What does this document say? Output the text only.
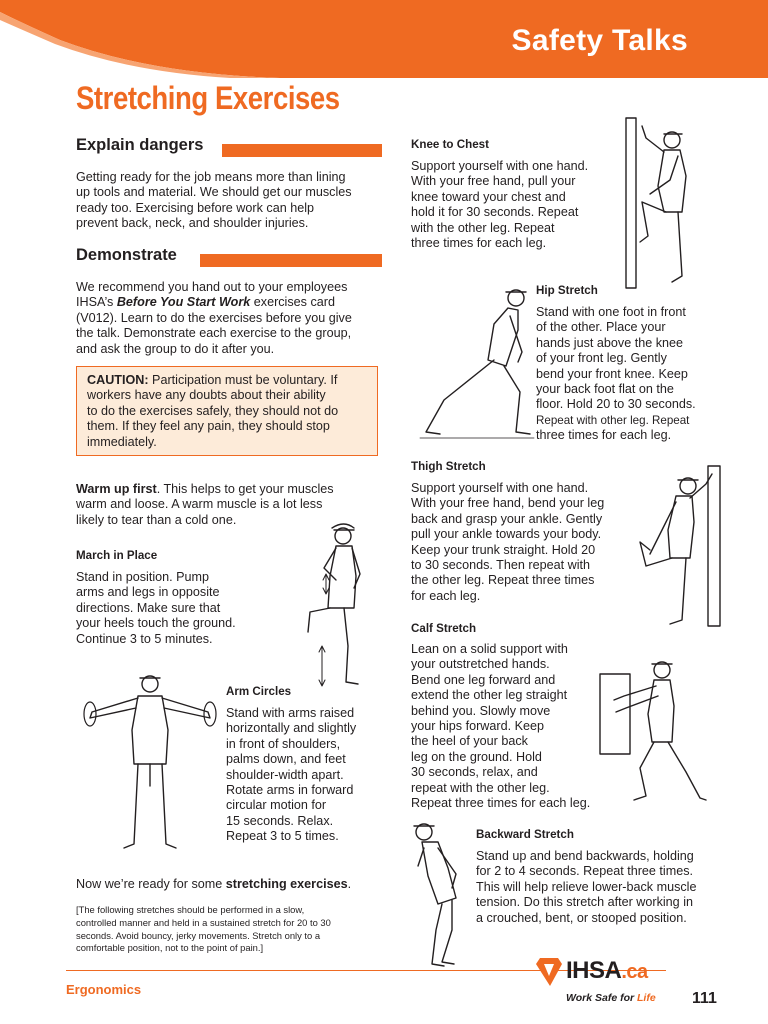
Safety Talks
Stretching Exercises
Explain dangers
Getting ready for the job means more than lining
up tools and material. We should get our muscles
ready too. Exercising before work can help
prevent back, neck, and shoulder injuries.
Demonstrate
We recommend you hand out to your employees
IHSA’s Before You Start Work exercises card
(V012). Learn to do the exercises before you give
the talk. Demonstrate each exercise to the group,
and ask the group to do it after you.
CAUTION: Participation must be voluntary. If
workers have any doubts about their ability
to do the exercises safely, they should not do
them. If they feel any pain, they should stop
immediately.
Warm up first. This helps to get your muscles
warm and loose. A warm muscle is a lot less
likely to tear than a cold one.
March in Place
Stand in position. Pump
arms and legs in opposite
directions. Make sure that
your heels touch the ground.
Continue 3 to 5 minutes.
Arm Circles
Stand with arms raised
horizontally and slightly
in front of shoulders,
palms down, and feet
shoulder-width apart.
Rotate arms in forward
circular motion for
15 seconds. Relax.
Repeat 3 to 5 times.
Now we’re ready for some stretching exercises.
[The following stretches should be performed in a slow,
controlled manner and held in a sustained stretch for 20 to 30
seconds. Avoid bouncy, jerky movements. Stretch only to a
comfortable position, not to the point of pain.]
Knee to Chest
Support yourself with one hand.
With your free hand, pull your
knee toward your chest and
hold it for 30 seconds. Repeat
with the other leg. Repeat
three times for each leg.
Hip Stretch
Stand with one foot in front
of the other. Place your
hands just above the knee
of your front leg. Gently
bend your front knee. Keep
your back foot flat on the
floor. Hold 20 to 30 seconds.
Repeat with other leg. Repeat
three times for each leg.
Thigh Stretch
Support yourself with one hand.
With your free hand, bend your leg
back and grasp your ankle. Gently
pull your ankle towards your body.
Keep your trunk straight. Hold 20
to 30 seconds. Then repeat with
the other leg. Repeat three times
for each leg.
Calf Stretch
Lean on a solid support with
your outstretched hands.
Bend one leg forward and
extend the other leg straight
behind you. Slowly move
your hips forward. Keep
the heel of your back
leg on the ground. Hold
30 seconds, relax, and
repeat with the other leg.
Repeat three times for each leg.
Backward Stretch
Stand up and bend backwards, holding
for 2 to 4 seconds. Repeat three times.
This will help relieve lower-back muscle
tension. Do this stretch after working in
a crouched, bent, or stooped position.
Ergonomics
IHSA.ca
Work Safe for Life 111
